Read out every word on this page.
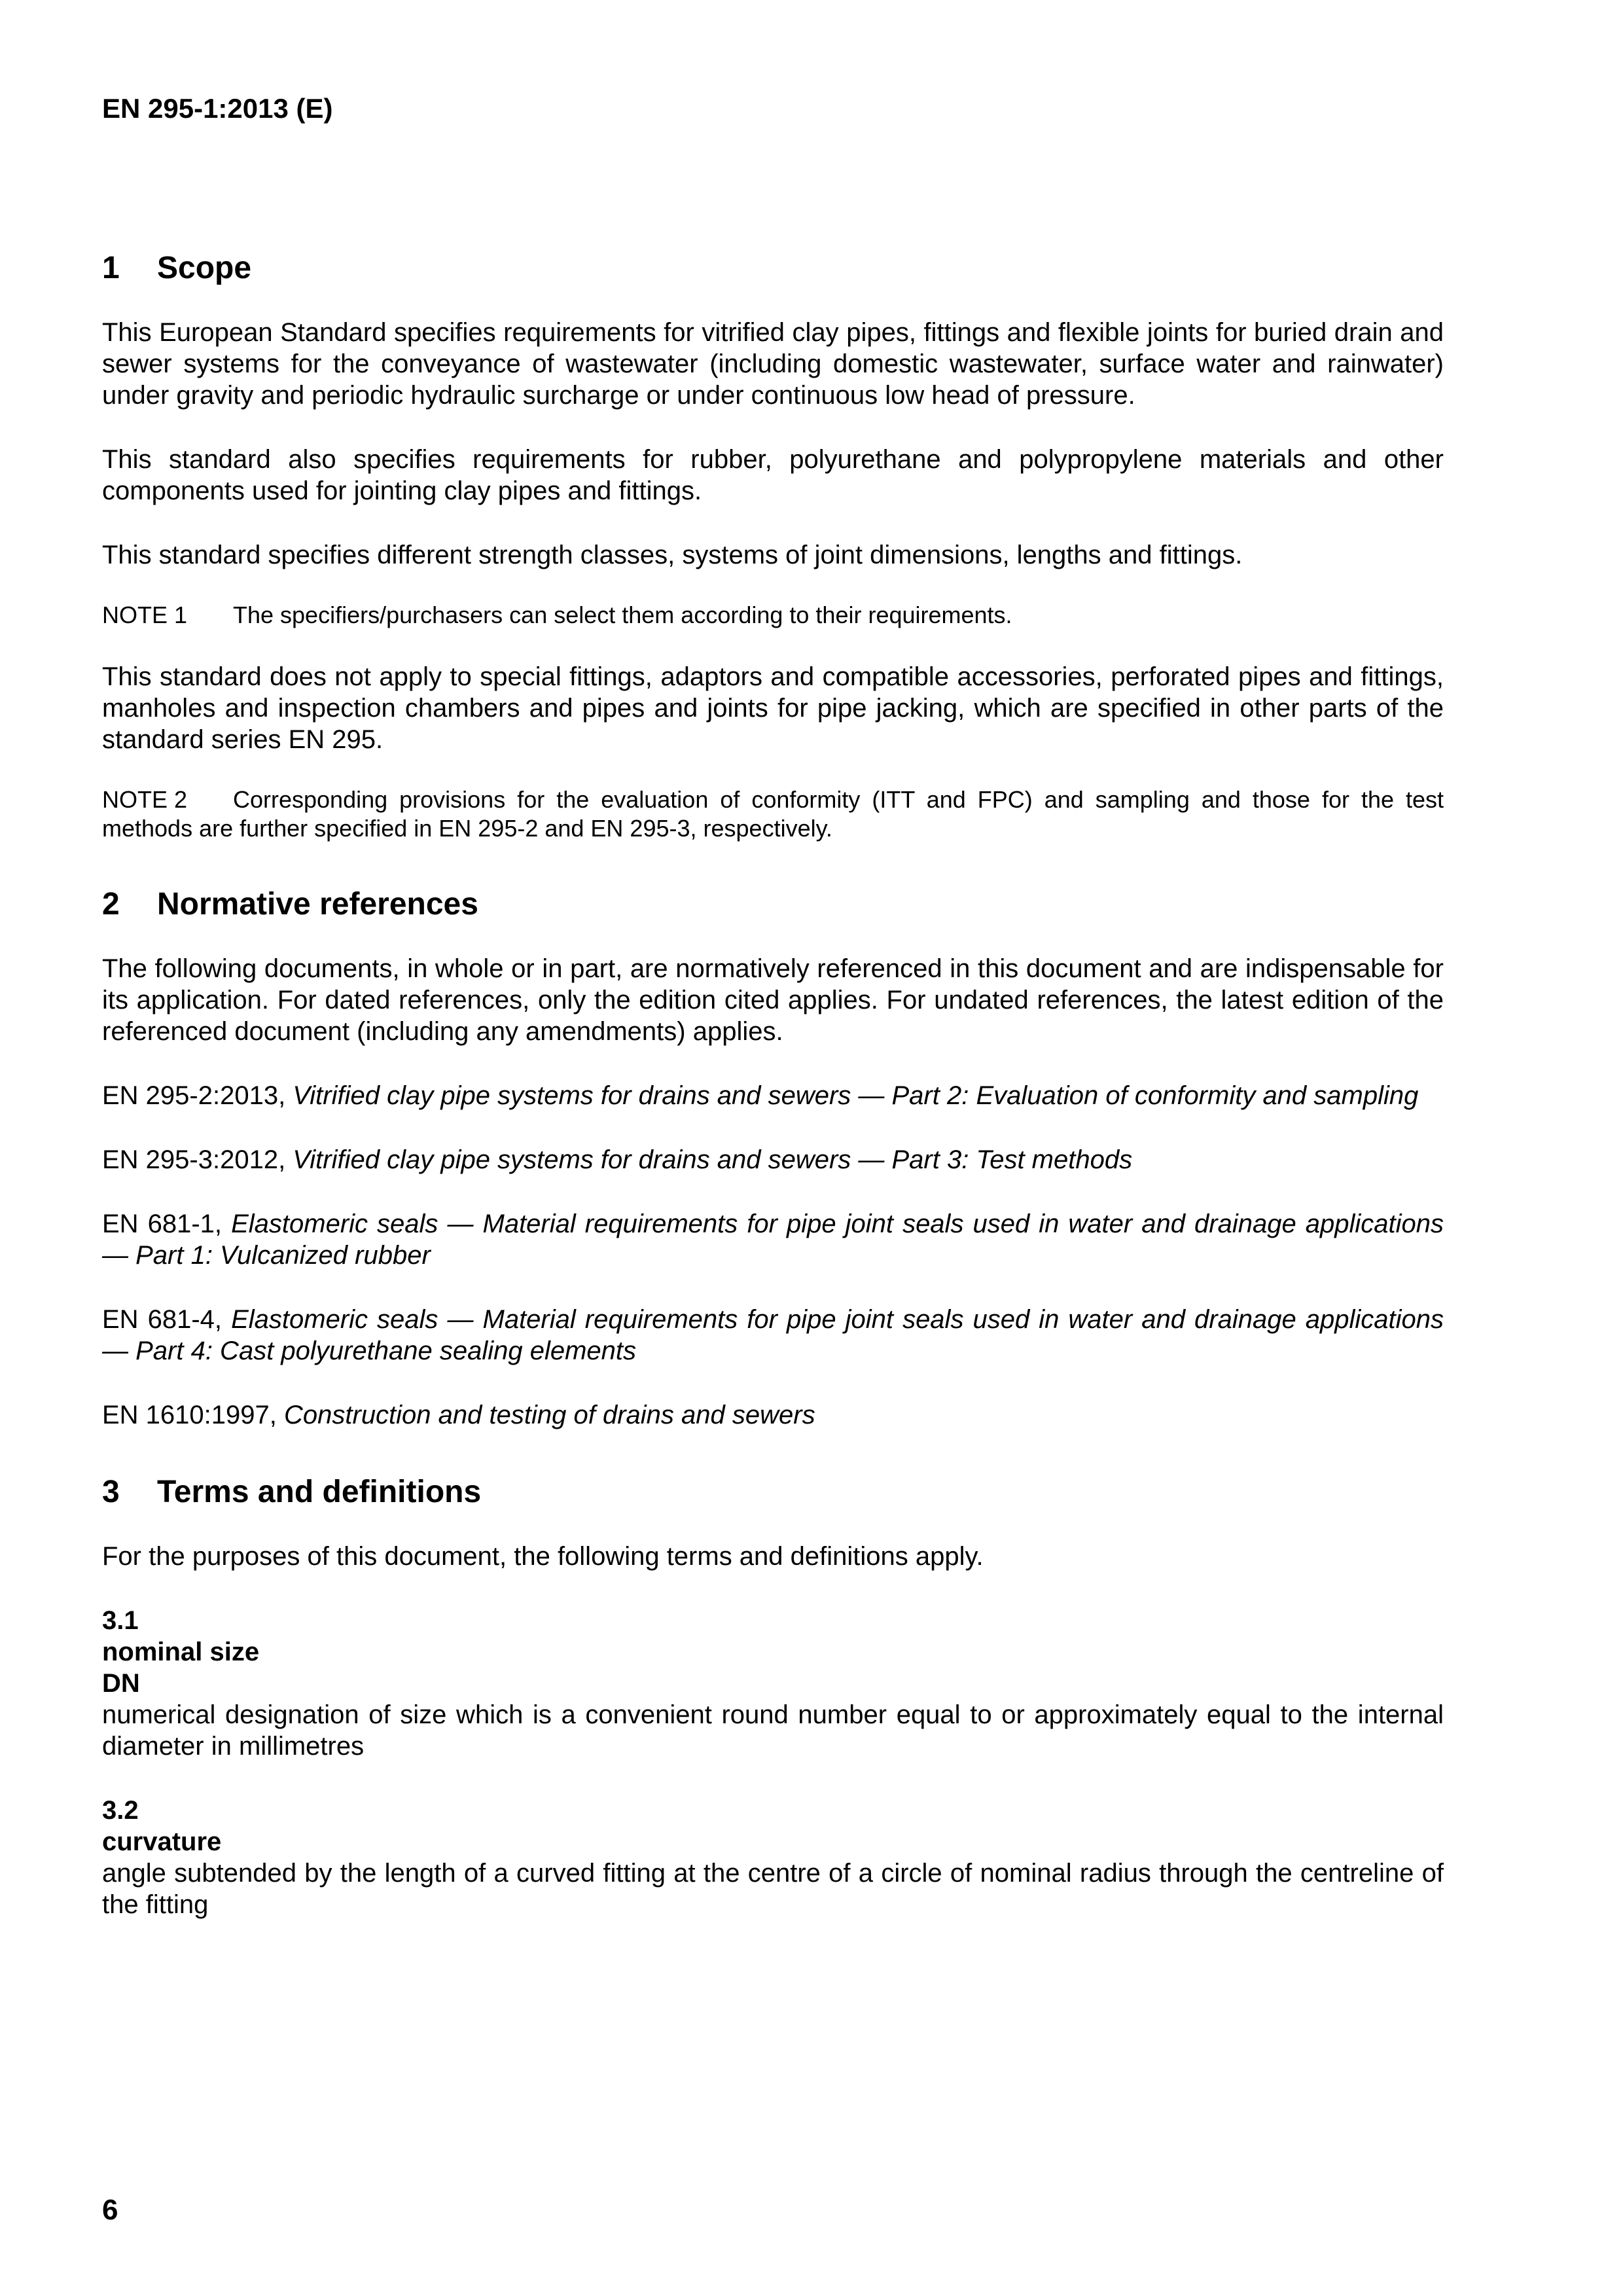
EN 295-1:2013 (E)
1 Scope

This European Standard specifies requirements for vitrified clay pipes, fittings and flexible joints for buried drain and sewer systems for the conveyance of wastewater (including domestic wastewater, surface water and rainwater) under gravity and periodic hydraulic surcharge or under continuous low head of pressure.

This standard also specifies requirements for rubber, polyurethane and polypropylene materials and other components used for jointing clay pipes and fittings.

This standard specifies different strength classes, systems of joint dimensions, lengths and fittings.

NOTE 1 The specifiers/purchasers can select them according to their requirements.

This standard does not apply to special fittings, adaptors and compatible accessories, perforated pipes and fittings, manholes and inspection chambers and pipes and joints for pipe jacking, which are specified in other parts of the standard series EN 295.

NOTE 2 Corresponding provisions for the evaluation of conformity (ITT and FPC) and sampling and those for the test methods are further specified in EN 295-2 and EN 295-3, respectively.

2 Normative references

The following documents, in whole or in part, are normatively referenced in this document and are indispensable for its application. For dated references, only the edition cited applies. For undated references, the latest edition of the referenced document (including any amendments) applies.

EN 295-2:2013, Vitrified clay pipe systems for drains and sewers — Part 2: Evaluation of conformity and sampling

EN 295-3:2012, Vitrified clay pipe systems for drains and sewers — Part 3: Test methods

EN 681-1, Elastomeric seals — Material requirements for pipe joint seals used in water and drainage applications — Part 1: Vulcanized rubber

EN 681-4, Elastomeric seals — Material requirements for pipe joint seals used in water and drainage applications — Part 4: Cast polyurethane sealing elements

EN 1610:1997, Construction and testing of drains and sewers

3 Terms and definitions

For the purposes of this document, the following terms and definitions apply.

3.1
nominal size
DN
numerical designation of size which is a convenient round number equal to or approximately equal to the internal diameter in millimetres
3.2
curvature
angle subtended by the length of a curved fitting at the centre of a circle of nominal radius through the centreline of the fitting
6
